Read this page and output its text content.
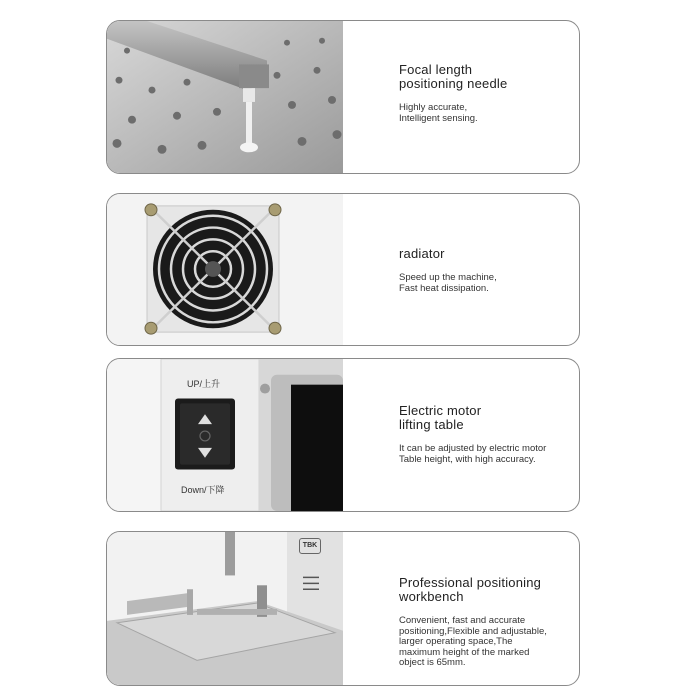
Focal length
positioning needle
Highly accurate,
Intelligent sensing.
radiator
Speed up the machine,
Fast heat dissipation.
UP/上升
Down/下降
Electric motor
lifting table
It can be adjusted by electric motor
Table height, with high accuracy.
TBK
Professional positioning
workbench
Convenient, fast and accurate
positioning,Flexible and adjustable,
larger operating space,The
maximum height of the marked
object is 65mm.
